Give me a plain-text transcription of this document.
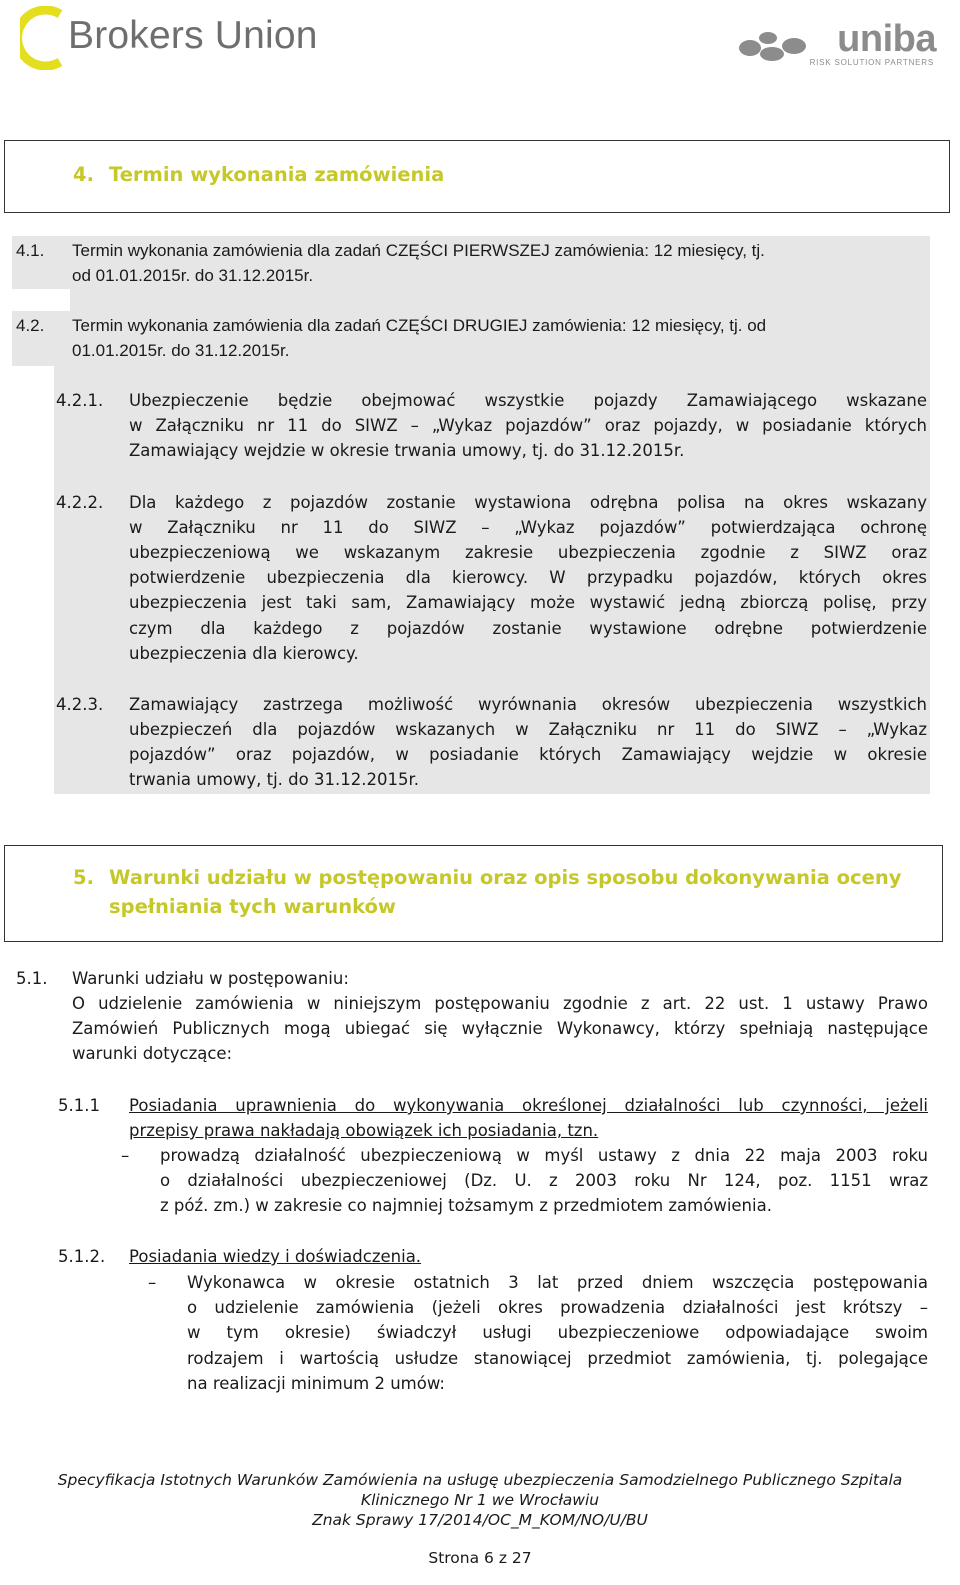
Brokers Union	uniba
RISK SOLUTION PARTNERS
4. Termin wykonania zamówienia
4.1. Termin wykonania zamówienia dla zadań CZĘŚCI PIERWSZEJ zamówienia: 12 miesięcy, tj.
od 01.01.2015r. do 31.12.2015r.
4.2. Termin wykonania zamówienia dla zadań CZĘŚCI DRUGIEJ zamówienia: 12 miesięcy, tj. od
01.01.2015r. do 31.12.2015r.
4.2.1. Ubezpieczenie będzie obejmować wszystkie pojazdy Zamawiającego wskazane
w Załączniku nr 11 do SIWZ – „Wykaz pojazdów” oraz pojazdy, w posiadanie których
Zamawiający wejdzie w okresie trwania umowy, tj. do 31.12.2015r.
4.2.2. Dla każdego z pojazdów zostanie wystawiona odrębna polisa na okres wskazany
w Załączniku nr 11 do SIWZ – „Wykaz pojazdów” potwierdzająca ochronę
ubezpieczeniową we wskazanym zakresie ubezpieczenia zgodnie z SIWZ oraz
potwierdzenie ubezpieczenia dla kierowcy. W przypadku pojazdów, których okres
ubezpieczenia jest taki sam, Zamawiający może wystawić jedną zbiorczą polisę, przy
czym dla każdego z pojazdów zostanie wystawione odrębne potwierdzenie
ubezpieczenia dla kierowcy.
4.2.3. Zamawiający zastrzega możliwość wyrównania okresów ubezpieczenia wszystkich
ubezpieczeń dla pojazdów wskazanych w Załączniku nr 11 do SIWZ – „Wykaz
pojazdów” oraz pojazdów, w posiadanie których Zamawiający wejdzie w okresie
trwania umowy, tj. do 31.12.2015r.
5. Warunki udziału w postępowaniu oraz opis sposobu dokonywania oceny
spełniania tych warunków
5.1. Warunki udziału w postępowaniu:
O udzielenie zamówienia w niniejszym postępowaniu zgodnie z art. 22 ust. 1 ustawy Prawo
Zamówień Publicznych mogą ubiegać się wyłącznie Wykonawcy, którzy spełniają następujące
warunki dotyczące:
5.1.1 Posiadania uprawnienia do wykonywania określonej działalności lub czynności, jeżeli
przepisy prawa nakładają obowiązek ich posiadania, tzn.
– prowadzą działalność ubezpieczeniową w myśl ustawy z dnia 22 maja 2003 roku
o działalności ubezpieczeniowej (Dz. U. z 2003 roku Nr 124, poz. 1151 wraz
z póź. zm.) w zakresie co najmniej tożsamym z przedmiotem zamówienia.
5.1.2. Posiadania wiedzy i doświadczenia.
– Wykonawca w okresie ostatnich 3 lat przed dniem wszczęcia postępowania
o udzielenie zamówienia (jeżeli okres prowadzenia działalności jest krótszy –
w tym okresie) świadczył usługi ubezpieczeniowe odpowiadające swoim
rodzajem i wartością usłudze stanowiącej przedmiot zamówienia, tj. polegające
na realizacji minimum 2 umów:
Specyfikacja Istotnych Warunków Zamówienia na usługę ubezpieczenia Samodzielnego Publicznego Szpitala
Klinicznego Nr 1 we Wrocławiu
Znak Sprawy 17/2014/OC_M_KOM/NO/U/BU
Strona 6 z 27
